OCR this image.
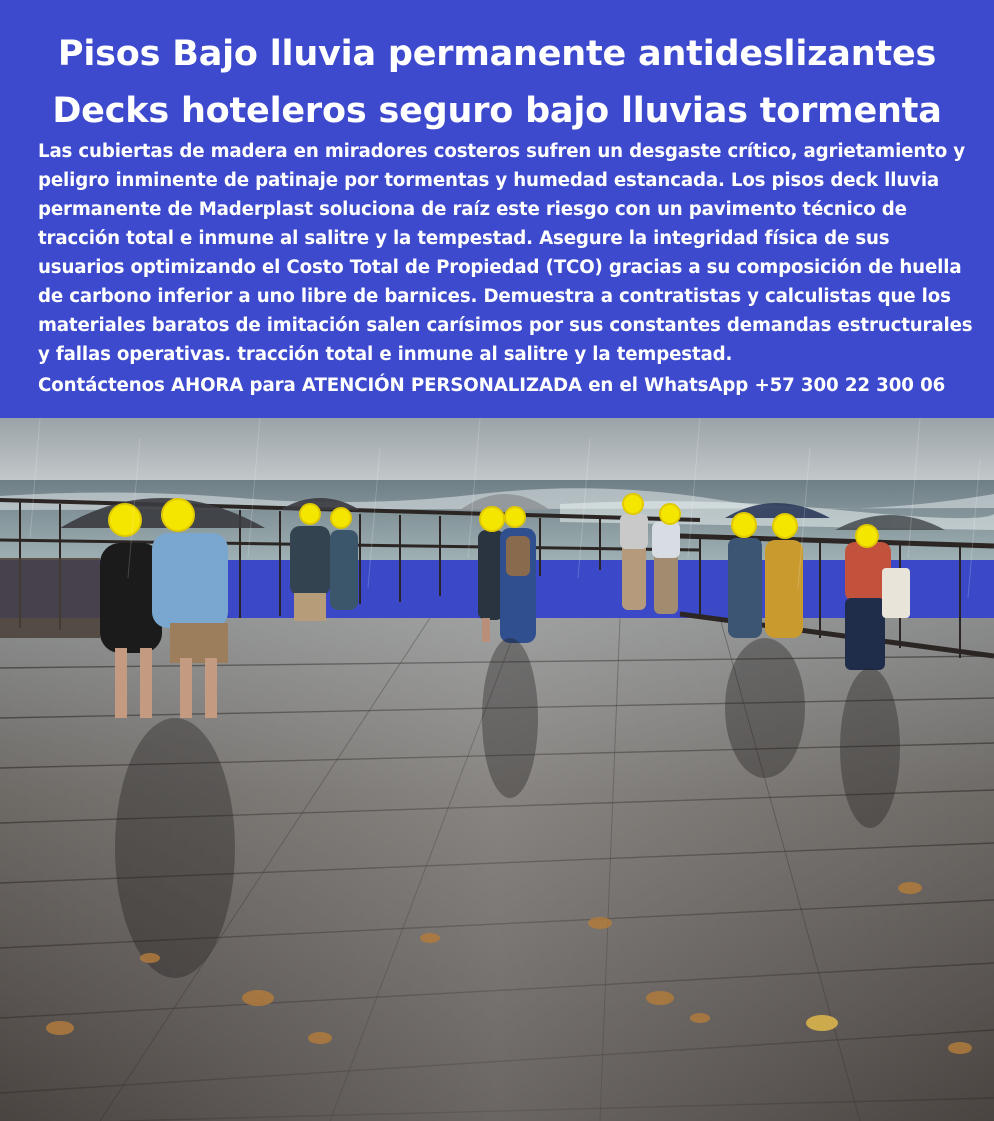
Pisos Bajo lluvia permanente antideslizantes
Decks hoteleros seguro bajo lluvias tormenta
Las cubiertas de madera en miradores costeros sufren un desgaste crítico, agrietamiento y peligro inminente de patinaje por tormentas y humedad estancada. Los pisos deck lluvia permanente de Maderplast soluciona de raíz este riesgo con un pavimento técnico de tracción total e inmune al salitre y la tempestad. Asegure la integridad física de sus usuarios optimizando el Costo Total de Propiedad (TCO) gracias a su composición de huella de carbono inferior a uno libre de barnices. Demuestra a contratistas y calculistas que los materiales baratos de imitación salen carísimos por sus constantes demandas estructurales y fallas operativas. tracción total e inmune al salitre y la tempestad.
Contáctenos AHORA para ATENCIÓN PERSONALIZADA en el WhatsApp +57 300 22 300 06
